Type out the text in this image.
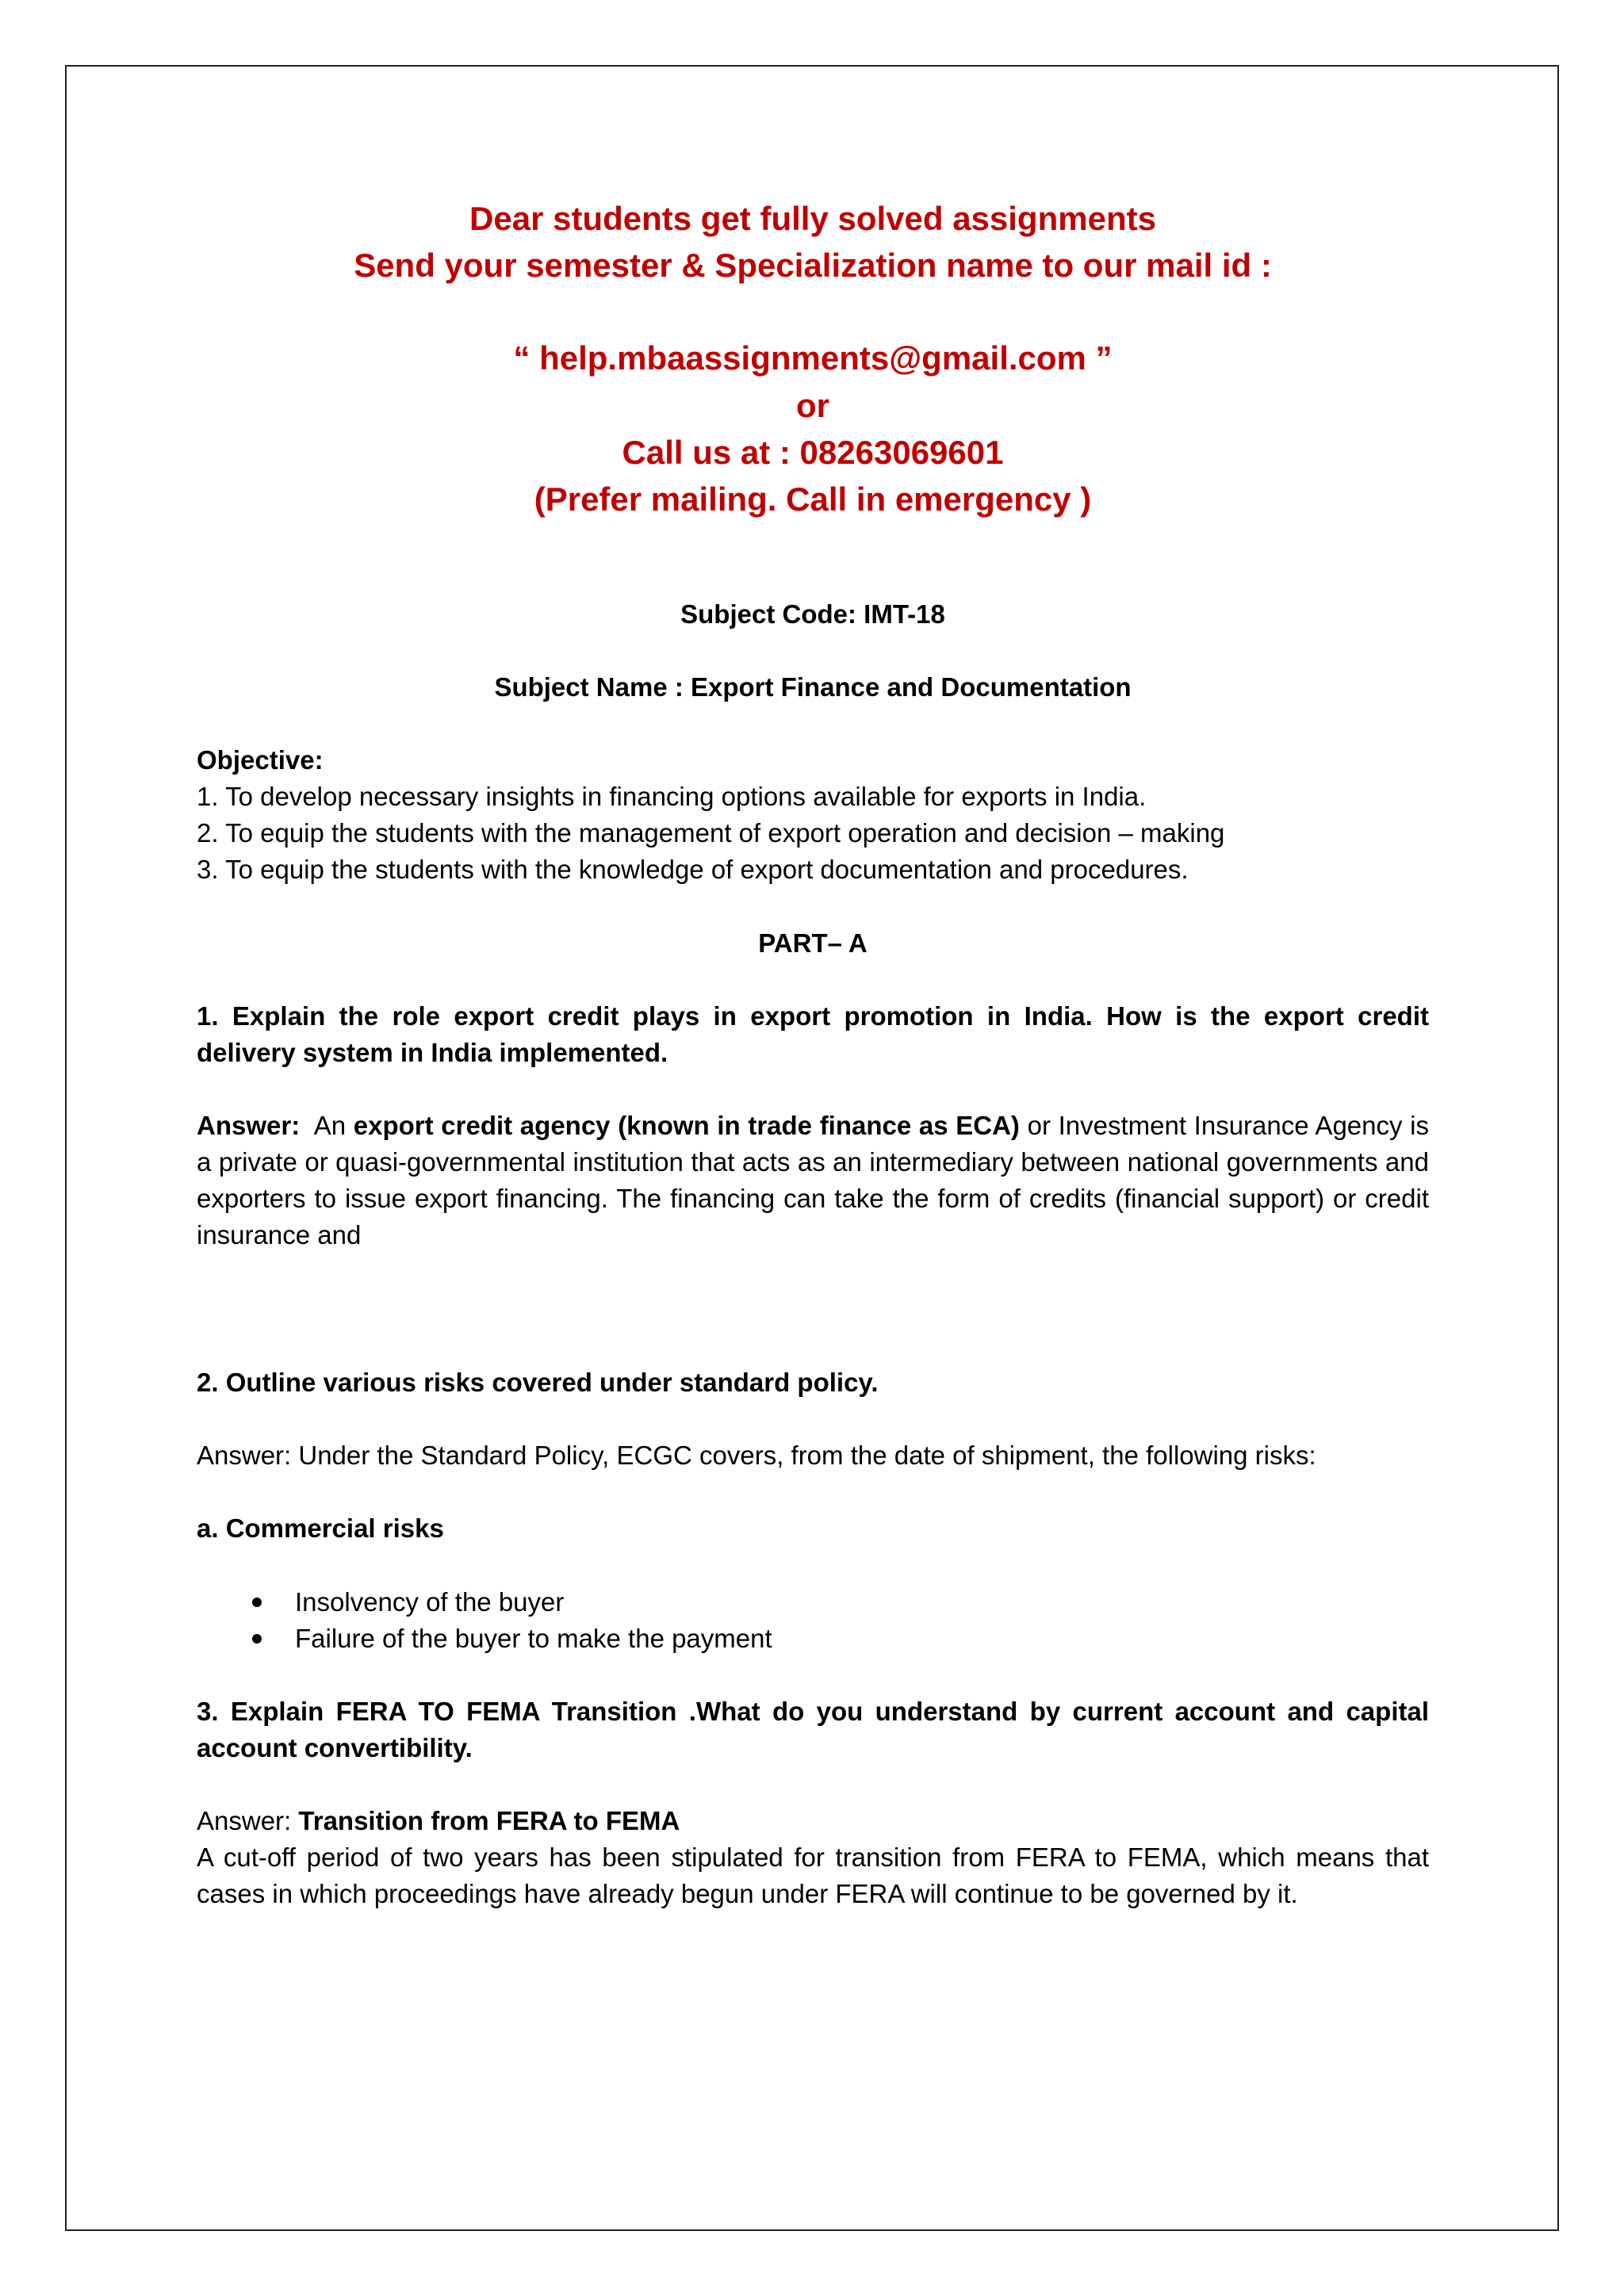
Dear students get fully solved assignments
Send your semester & Specialization name to our mail id :
“ help.mbaassignments@gmail.com ”
or
Call us at : 08263069601
(Prefer mailing. Call in emergency )
Subject Code: IMT-18
Subject Name : Export Finance and Documentation
Objective:
1. To develop necessary insights in financing options available for exports in India.
2. To equip the students with the management of export operation and decision – making
3. To equip the students with the knowledge of export documentation and procedures.
PART– A
1. Explain the role export credit plays in export promotion in India. How is the export credit delivery system in India implemented.
Answer: An export credit agency (known in trade finance as ECA) or Investment Insurance Agency is a private or quasi-governmental institution that acts as an intermediary between national governments and exporters to issue export financing. The financing can take the form of credits (financial support) or credit insurance and
2. Outline various risks covered under standard policy.
Answer: Under the Standard Policy, ECGC covers, from the date of shipment, the following risks:
a. Commercial risks
Insolvency of the buyer
Failure of the buyer to make the payment
3. Explain FERA TO FEMA Transition .What do you understand by current account and capital account convertibility.
Answer: Transition from FERA to FEMA
A cut-off period of two years has been stipulated for transition from FERA to FEMA, which means that cases in which proceedings have already begun under FERA will continue to be governed by it.
